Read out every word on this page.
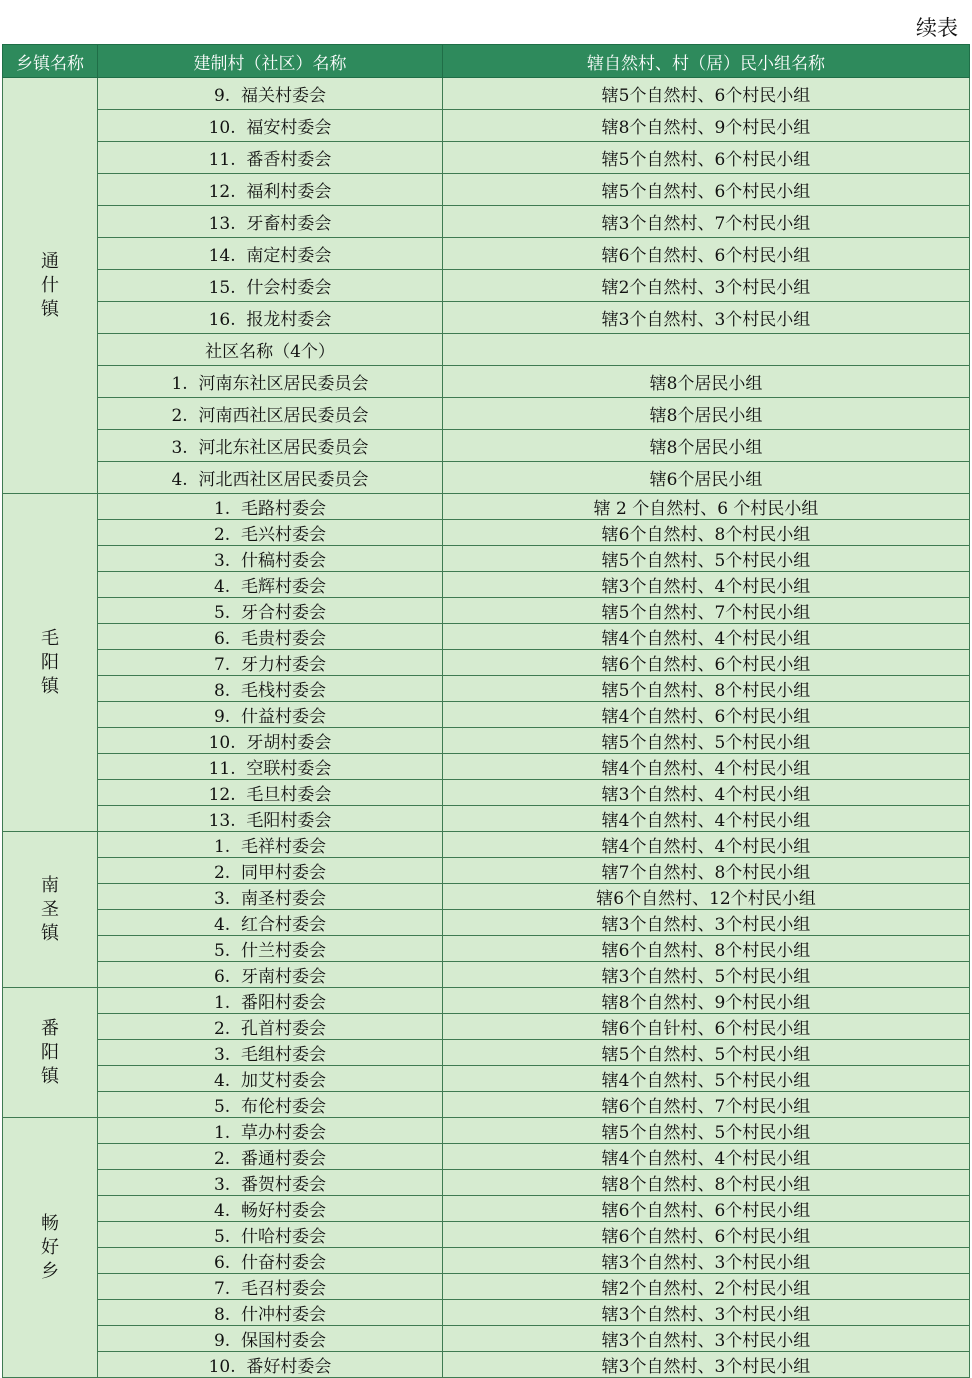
续表
乡镇名称	建制村（社区）名称	辖自然村、村（居）民小组名称

通
什
镇	9.  福关村委会	辖5个自然村、6个村民小组
	10.  福安村委会	辖8个自然村、9个村民小组
	11.  番香村委会	辖5个自然村、6个村民小组
	12.  福利村委会	辖5个自然村、6个村民小组
	13.  牙畜村委会	辖3个自然村、7个村民小组
	14.  南定村委会	辖6个自然村、6个村民小组
	15.  什会村委会	辖2个自然村、3个村民小组
	16.  报龙村委会	辖3个自然村、3个村民小组
	社区名称（4个）	
	1.  河南东社区居民委员会	辖8个居民小组
	2.  河南西社区居民委员会	辖8个居民小组
	3.  河北东社区居民委员会	辖8个居民小组
	4.  河北西社区居民委员会	辖6个居民小组

毛
阳
镇	1.  毛路村委会	辖 2 个自然村、6 个村民小组
	2.  毛兴村委会	辖6个自然村、8个村民小组
	3.  什稿村委会	辖5个自然村、5个村民小组
	4.  毛辉村委会	辖3个自然村、4个村民小组
	5.  牙合村委会	辖5个自然村、7个村民小组
	6.  毛贵村委会	辖4个自然村、4个村民小组
	7.  牙力村委会	辖6个自然村、6个村民小组
	8.  毛栈村委会	辖5个自然村、8个村民小组
	9.  什益村委会	辖4个自然村、6个村民小组
	10.  牙胡村委会	辖5个自然村、5个村民小组
	11.  空联村委会	辖4个自然村、4个村民小组
	12.  毛旦村委会	辖3个自然村、4个村民小组
	13.  毛阳村委会	辖4个自然村、4个村民小组

南
圣
镇	1.  毛祥村委会	辖4个自然村、4个村民小组
	2.  同甲村委会	辖7个自然村、8个村民小组
	3.  南圣村委会	辖6个自然村、12个村民小组
	4.  红合村委会	辖3个自然村、3个村民小组
	5.  什兰村委会	辖6个自然村、8个村民小组
	6.  牙南村委会	辖3个自然村、5个村民小组

番
阳
镇	1.  番阳村委会	辖8个自然村、9个村民小组
	2.  孔首村委会	辖6个自针村、6个村民小组
	3.  毛组村委会	辖5个自然村、5个村民小组
	4.  加艾村委会	辖4个自然村、5个村民小组
	5.  布伦村委会	辖6个自然村、7个村民小组

畅
好
乡	1.  草办村委会	辖5个自然村、5个村民小组
	2.  番通村委会	辖4个自然村、4个村民小组
	3.  番贺村委会	辖8个自然村、8个村民小组
	4.  畅好村委会	辖6个自然村、6个村民小组
	5.  什哈村委会	辖6个自然村、6个村民小组
	6.  什奋村委会	辖3个自然村、3个村民小组
	7.  毛召村委会	辖2个自然村、2个村民小组
	8.  什冲村委会	辖3个自然村、3个村民小组
	9.  保国村委会	辖3个自然村、3个村民小组
	10.  番好村委会	辖3个自然村、3个村民小组
